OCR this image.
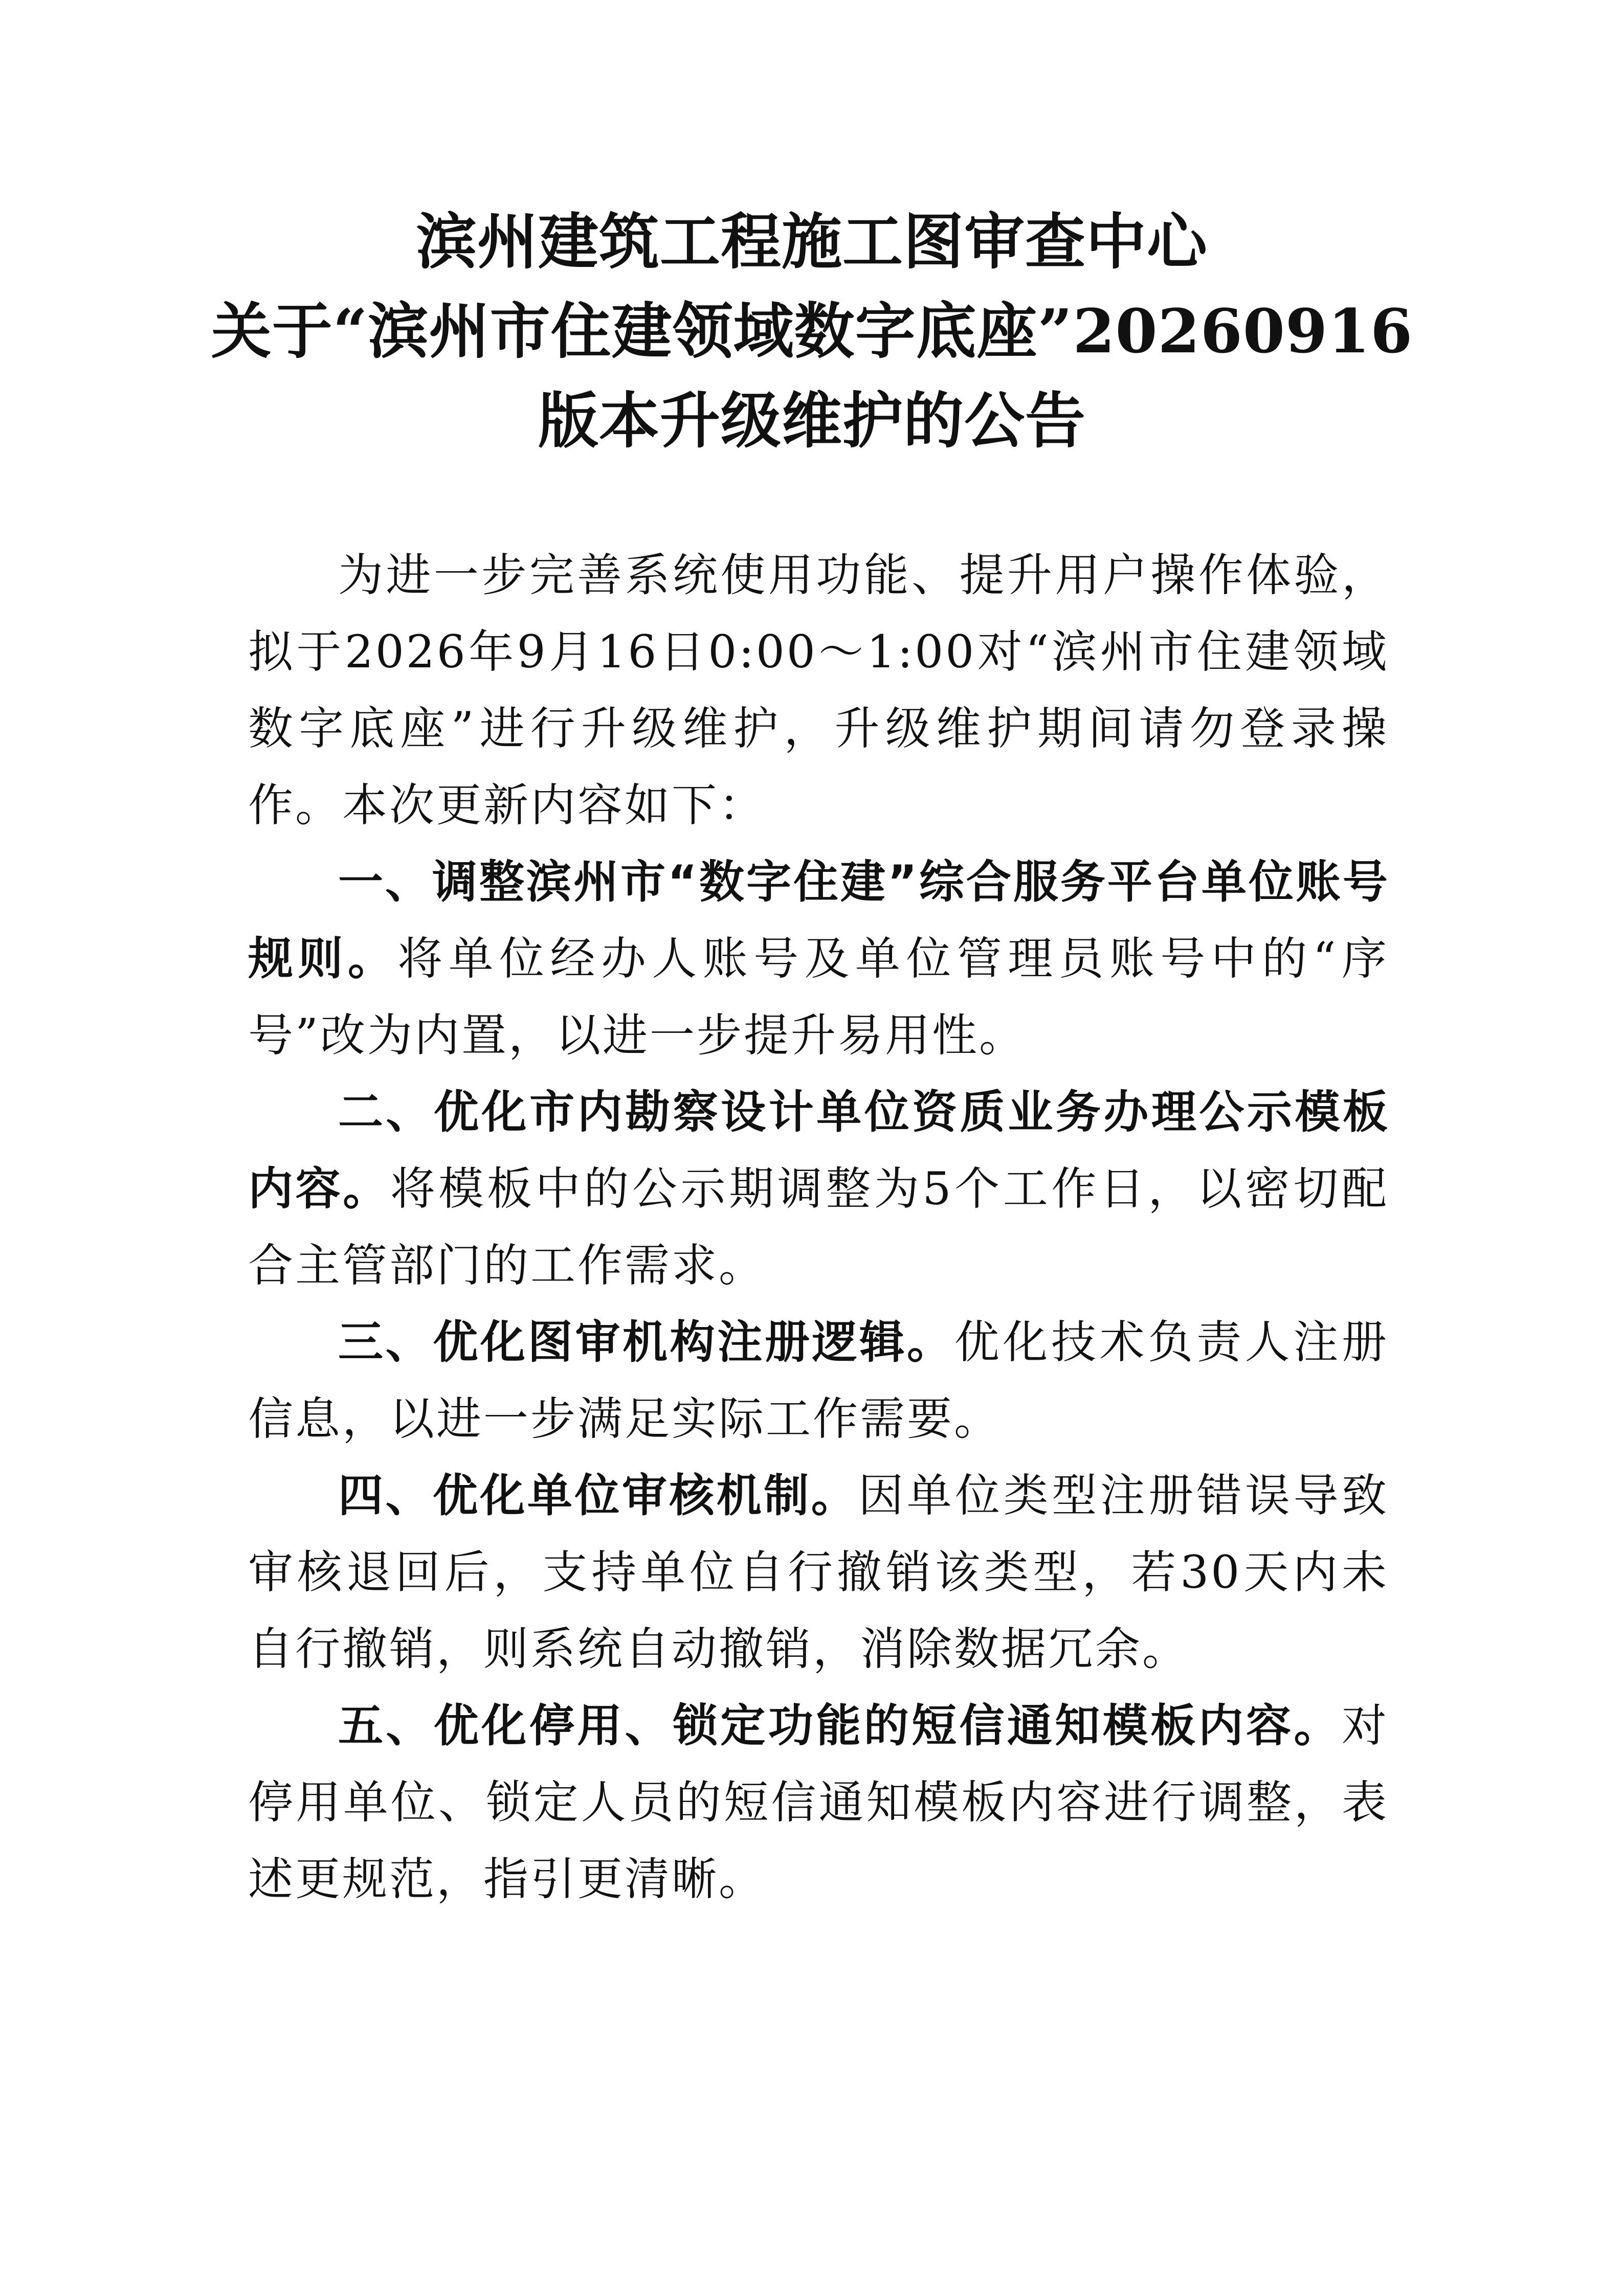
滨州建筑工程施工图审查中心
关于“滨州市住建领域数字底座”20260916
版本升级维护的公告

为进一步完善系统使用功能、提升用户操作体验，拟于2026年9月16日0:00～1:00对“滨州市住建领域数字底座”进行升级维护，升级维护期间请勿登录操作。本次更新内容如下：

一、调整滨州市“数字住建”综合服务平台单位账号规则。将单位经办人账号及单位管理员账号中的“序号”改为内置，以进一步提升易用性。

二、优化市内勘察设计单位资质业务办理公示模板内容。将模板中的公示期调整为5个工作日，以密切配合主管部门的工作需求。

三、优化图审机构注册逻辑。优化技术负责人注册信息，以进一步满足实际工作需要。

四、优化单位审核机制。因单位类型注册错误导致审核退回后，支持单位自行撤销该类型，若30天内未自行撤销，则系统自动撤销，消除数据冗余。

五、优化停用、锁定功能的短信通知模板内容。对停用单位、锁定人员的短信通知模板内容进行调整，表述更规范，指引更清晰。
